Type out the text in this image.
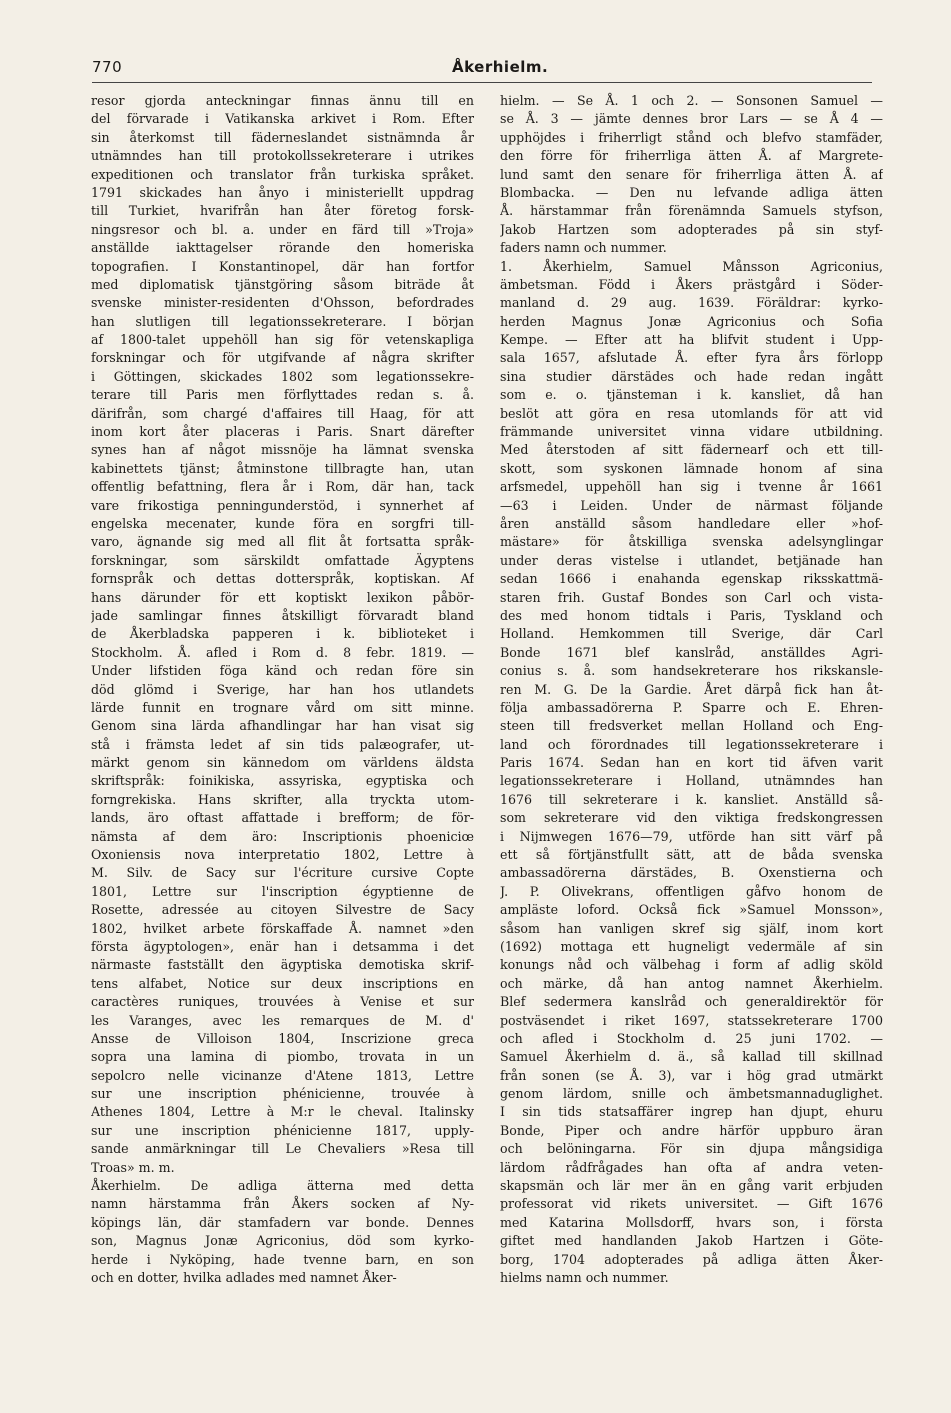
770	Åkerhielm.
resor gjorda anteckningar finnas ännu till en
del förvarade i Vatikanska arkivet i Rom. Efter
sin återkomst till fäderneslandet sistnämnda år
utnämndes han till protokollssekreterare i utrikes
expeditionen och translator från turkiska språket.
1791 skickades han ånyo i ministeriellt uppdrag
till Turkiet, hvarifrån han åter företog forsk-
ningsresor och bl. a. under en färd till »Troja»
anställde iakttagelser rörande den homeriska
topografien. I Konstantinopel, där han fortfor
med diplomatisk tjänstgöring såsom biträde åt
svenske minister-residenten d'Ohsson, befordrades
han slutligen till legationssekreterare. I början
af 1800-talet uppehöll han sig för vetenskapliga
forskningar och för utgifvande af några skrifter
i Göttingen, skickades 1802 som legationssekre-
terare till Paris men förflyttades redan s. å.
därifrån, som chargé d'affaires till Haag, för att
inom kort åter placeras i Paris. Snart därefter
synes han af något missnöje ha lämnat svenska
kabinettets tjänst; åtminstone tillbragte han, utan
offentlig befattning, flera år i Rom, där han, tack
vare frikostiga penningunderstöd, i synnerhet af
engelska mecenater, kunde föra en sorgfri till-
varo, ägnande sig med all flit åt fortsatta språk-
forskningar, som särskildt omfattade Ägyptens
fornspråk och dettas dotterspråk, koptiskan. Af
hans därunder för ett koptiskt lexikon påbör-
jade samlingar finnes åtskilligt förvaradt bland
de Åkerbladska papperen i k. biblioteket i
Stockholm. Å. afled i Rom d. 8 febr. 1819. —
Under lifstiden föga känd och redan före sin
död glömd i Sverige, har han hos utlandets
lärde funnit en trognare vård om sitt minne.
Genom sina lärda afhandlingar har han visat sig
stå i främsta ledet af sin tids palæografer, ut-
märkt genom sin kännedom om världens äldsta
skriftspråk: foinikiska, assyriska, egyptiska och
forngrekiska. Hans skrifter, alla tryckta utom-
lands, äro oftast affattade i brefform; de för-
nämsta af dem äro: Inscriptionis phoeniciœ
Oxoniensis nova interpretatio 1802, Lettre à
M. Silv. de Sacy sur l'écriture cursive Copte
1801, Lettre sur l'inscription égyptienne de
Rosette, adressée au citoyen Silvestre de Sacy
1802, hvilket arbete förskaffade Å. namnet »den
första ägyptologen», enär han i detsamma i det
närmaste fastställt den ägyptiska demotiska skrif-
tens alfabet, Notice sur deux inscriptions en
caractères runiques, trouvées à Venise et sur
les Varanges, avec les remarques de M. d'
Ansse de Villoison 1804, Inscrizione greca
sopra una lamina di piombo, trovata in un
sepolcro nelle vicinanze d'Atene 1813, Lettre
sur une inscription phénicienne, trouvée à
Athenes 1804, Lettre à M:r le cheval. Italinsky
sur une inscription phénicienne 1817, upply-
sande anmärkningar till Le Chevaliers »Resa till
Troas» m. m.
Åkerhielm. De adliga ätterna med detta
namn härstamma från Åkers socken af Ny-
köpings län, där stamfadern var bonde. Dennes
son, Magnus Jonæ Agriconius, död som kyrko-
herde i Nyköping, hade tvenne barn, en son
och en dotter, hvilka adlades med namnet Åker-
hielm. — Se Å. 1 och 2. — Sonsonen Samuel —
se Å. 3 — jämte dennes bror Lars — se Å 4 —
upphöjdes i friherrligt stånd och blefvo stamfäder,
den förre för friherrliga ätten Å. af Margrete-
lund samt den senare för friherrliga ätten Å. af
Blombacka. — Den nu lefvande adliga ätten
Å. härstammar från förenämnda Samuels styfson,
Jakob Hartzen som adopterades på sin styf-
faders namn och nummer.
1. Åkerhielm, Samuel Månsson Agriconius,
ämbetsman. Född i Åkers prästgård i Söder-
manland d. 29 aug. 1639. Föräldrar: kyrko-
herden Magnus Jonæ Agriconius och Sofia
Kempe. — Efter att ha blifvit student i Upp-
sala 1657, afslutade Å. efter fyra års förlopp
sina studier därstädes och hade redan ingått
som e. o. tjänsteman i k. kansliet, då han
beslöt att göra en resa utomlands för att vid
främmande universitet vinna vidare utbildning.
Med återstoden af sitt fädernearf och ett till-
skott, som syskonen lämnade honom af sina
arfsmedel, uppehöll han sig i tvenne år 1661
—63 i Leiden. Under de närmast följande
åren anställd såsom handledare eller »hof-
mästare» för åtskilliga svenska adelsynglingar
under deras vistelse i utlandet, betjänade han
sedan 1666 i enahanda egenskap riksskattmä-
staren frih. Gustaf Bondes son Carl och vista-
des med honom tidtals i Paris, Tyskland och
Holland. Hemkommen till Sverige, där Carl
Bonde 1671 blef kanslråd, anställdes Agri-
conius s. å. som handsekreterare hos rikskansle-
ren M. G. De la Gardie. Året därpå fick han åt-
följa ambassadörerna P. Sparre och E. Ehren-
steen till fredsverket mellan Holland och Eng-
land och förordnades till legationssekreterare i
Paris 1674. Sedan han en kort tid äfven varit
legationssekreterare i Holland, utnämndes han
1676 till sekreterare i k. kansliet. Anställd så-
som sekreterare vid den viktiga fredskongressen
i Nijmwegen 1676—79, utförde han sitt värf på
ett så förtjänstfullt sätt, att de båda svenska
ambassadörerna därstädes, B. Oxenstierna och
J. P. Olivekrans, offentligen gåfvo honom de
ampläste loford. Också fick »Samuel Monsson»,
såsom han vanligen skref sig själf, inom kort
(1692) mottaga ett hugneligt vedermäle af sin
konungs nåd och välbehag i form af adlig sköld
och märke, då han antog namnet Åkerhielm.
Blef sedermera kanslråd och generaldirektör för
postväsendet i riket 1697, statssekreterare 1700
och afled i Stockholm d. 25 juni 1702. —
Samuel Åkerhielm d. ä., så kallad till skillnad
från sonen (se Å. 3), var i hög grad utmärkt
genom lärdom, snille och ämbetsmannaduglighet.
I sin tids statsaffärer ingrep han djupt, ehuru
Bonde, Piper och andre härför uppburo äran
och belöningarna. För sin djupa mångsidiga
lärdom rådfrågades han ofta af andra veten-
skapsmän och lär mer än en gång varit erbjuden
professorat vid rikets universitet. — Gift 1676
med Katarina Mollsdorff, hvars son, i första
giftet med handlanden Jakob Hartzen i Göte-
borg, 1704 adopterades på adliga ätten Åker-
hielms namn och nummer.
